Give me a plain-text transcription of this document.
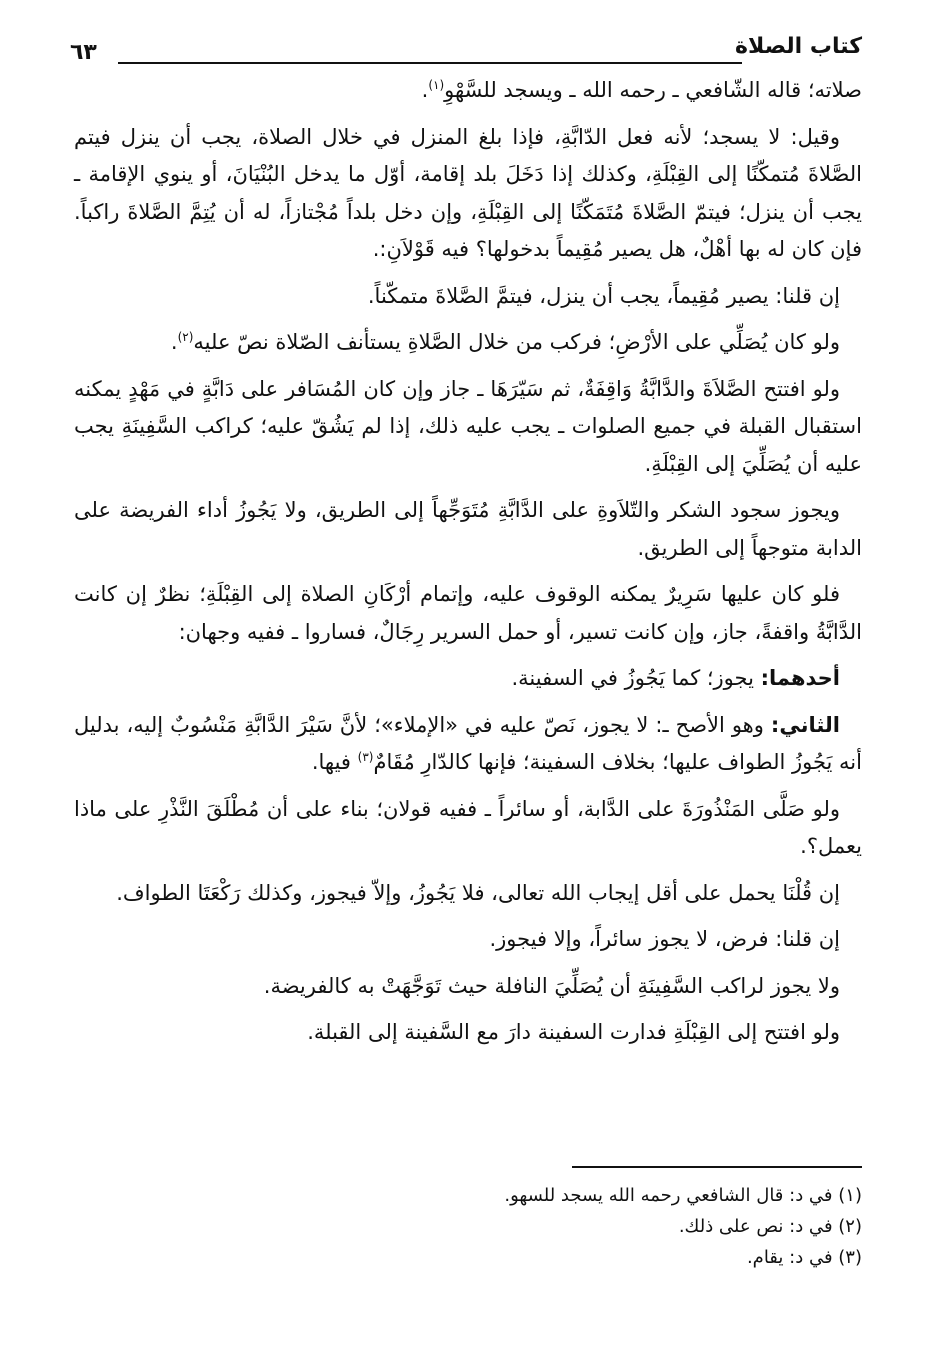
كتاب الصلاة
٦٣

صلاته؛ قاله الشّافعي ـ رحمه الله ـ ويسجد للسَّهْوِ$^{(١)}$.

وقيل: لا يسجد؛ لأنه فعل الدّابَّةِ، فإذا بلغ المنزل في خلال الصلاة، يجب أن ينزل فيتم الصَّلاةَ مُتمكّنًا إلى القِبْلَةِ، وكذلك إذا دَخَلَ بلد إقامة، أوّل ما يدخل البُنْيَانَ، أو ينوي الإقامة ـ يجب أن ينزل؛ فيتمّ الصَّلاةَ مُتَمَكّنًا إلى القِبْلَةِ، وإن دخل بلداً مُجْتازاً، له أن يُتِمَّ الصَّلاةَ راكباً. فإن كان له بها أهْلٌ، هل يصير مُقِيماً بدخولها؟ فيه قَوْلاَنِ:.

إن قلنا: يصير مُقِيماً، يجب أن ينزل، فيتمَّ الصَّلاةَ متمكّناً.

ولو كان يُصَلِّي على الأرْضِ؛ فركب من خلال الصَّلاةِ يستأنف الصّلاة نصّ عليه$^{(٢)}$.

ولو افتتح الصَّلاَةَ والدَّابَّةُ وَاقِفَةٌ، ثم سَيّرَهَا ـ جاز وإن كان المُسَافر على دَابَّةٍ في مَهْدٍ يمكنه استقبال القبلة في جميع الصلوات ـ يجب عليه ذلك، إذا لم يَشُقّ عليه؛ كراكب السَّفِينَةِ يجب عليه أن يُصَلِّيَ إلى القِبْلَةِ.

ويجوز سجود الشكر والتّلاَوةِ على الدَّابَّةِ مُتَوَجِّهاً إلى الطريق، ولا يَجُوزُ أداء الفريضة على الدابة متوجهاً إلى الطريق.

فلو كان عليها سَرِيرٌ يمكنه الوقوف عليه، وإتمام أرْكَانِ الصلاة إلى القِبْلَةِ؛ نظرٌ إن كانت الدَّابَّةُ واقفةً، جاز، وإن كانت تسير، أو حمل السرير رِجَالٌ، فساروا ـ ففيه وجهان:

أحدهما: يجوز؛ كما يَجُوزُ في السفينة.

الثاني: وهو الأصح ـ: لا يجوز، نَصّ عليه في «الإملاء»؛ لأنَّ سَيْرَ الدَّابَّةِ مَنْسُوبٌ إليه، بدليل أنه يَجُوزُ الطواف عليها؛ بخلاف السفينة؛ فإنها كالدّارِ مُقَامٌ$^{(٣)}$ فيها.

ولو صَلَّى المَنْذُورَةَ على الدَّابة، أو سائراً ـ ففيه قولان؛ بناء على أن مُطْلَقَ النَّذْرِ على ماذا يعمل؟.

إن قُلْنَا يحمل على أقل إيجاب الله تعالى، فلا يَجُوزُ، وإلاّ فيجوز، وكذلك رَكْعَتَا الطواف.

إن قلنا: فرض، لا يجوز سائراً، وإلا فيجوز.

ولا يجوز لراكب السَّفِينَةِ أن يُصَلِّيَ النافلة حيث تَوَجَّهَتْ به كالفريضة.

ولو افتتح إلى القِبْلَةِ فدارت السفينة دارَ مع السَّفينة إلى القبلة.

(١) في د: قال الشافعي رحمه الله يسجد للسهو.

(٢) في د: نص على ذلك.

(٣) في د: يقام.
